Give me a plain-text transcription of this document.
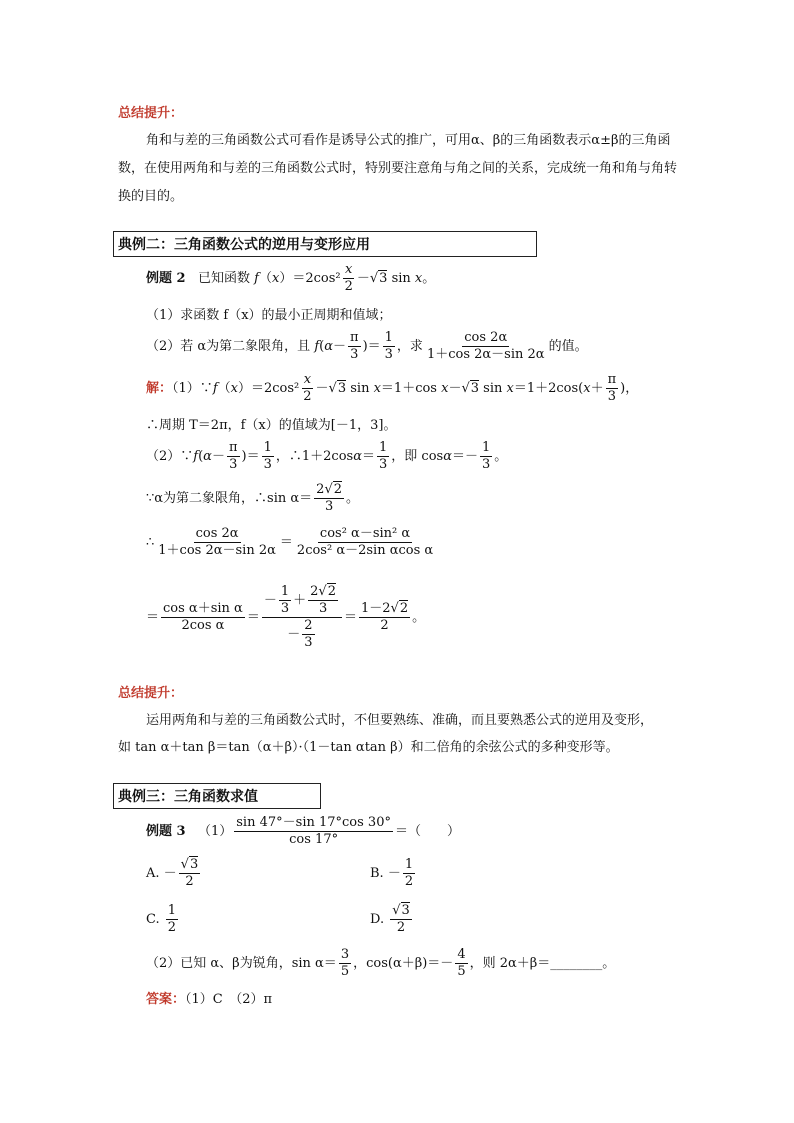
总结提升：
角和与差的三角函数公式可看作是诱导公式的推广，可用α、β的三角函数表示α±β的三角函数，在使用两角和与差的三角函数公式时，特别要注意角与角之间的关系，完成统一角和角与角转换的目的。
典例二：三角函数公式的逆用与变形应用
例题 2 已知函数 $f(x)=2\cos^2 \frac{x}{2} -√3$ sin x。
（1）求函数 f（x）的最小正周期和值域；
（2）若 α为第二象限角，且 $f(\alpha- \frac{\pi}{3}$ )＝ $\frac{1}{3}$ ，求 $\frac{\cos 2\alpha}{1+\cos 2\alpha-\sin 2\alpha}$ 的值。
解：（1）∵f（x）＝2cos² $\frac{x}{2} -√3$ sin x＝1＋cos x－√3 $\sin x=1+2\cos(x+ \frac{\pi}{3}$ )，
∴周期 T＝2π，f（x）的值域为[－1，3]。
（2）∵f(α－ $\frac{\pi}{3}$ )＝ $\frac{1}{3}$ ，∴1＋2cosα＝ $\frac{1}{3}$ ，即 $\cos\alpha=- \frac{1}{3}$ 。
∵α为第二象限角，∴sin $\alpha= \frac{2√2}{3}$ 。
∴ $\frac{\cos 2\alpha}{1+\cos 2\alpha-\sin 2\alpha} = \frac{\text{cos² α－sin² α}}{\text{2cos² α－2sin αcos α}}$
＝ $\frac{\text{cos α＋sin α}}{\text{2cos α}} = \frac{- \frac{1}{3} + \frac{2√2}{3}}{- \frac{2}{3}} = \frac{1-2√2}{2}$ 。
总结提升：
运用两角和与差的三角函数公式时，不但要熟练、准确，而且要熟悉公式的逆用及变形，
如 tan α＋tan β＝tan（α＋β）·（1－tan αtan β）和二倍角的余弦公式的多种变形等。
典例三：三角函数求值
例题 3 $(1) \frac{\sin 47^\circ-\sin 17^\circ\cos 30^\circ}{\cos 17^\circ}$ ＝（　　）
A. － $\frac{√3}{2}$	B. － $\frac{1}{2}$
C. $\frac{1}{2}$	D. $\frac{√3}{2}$
（2）已知 α、β为锐角，$\sin \alpha= \frac{3}{5}$ ，$\cos(\alpha+\beta)=- \frac{4}{5}$ ，则 2α＋β＝________。
答案：（1）C　（2）π
